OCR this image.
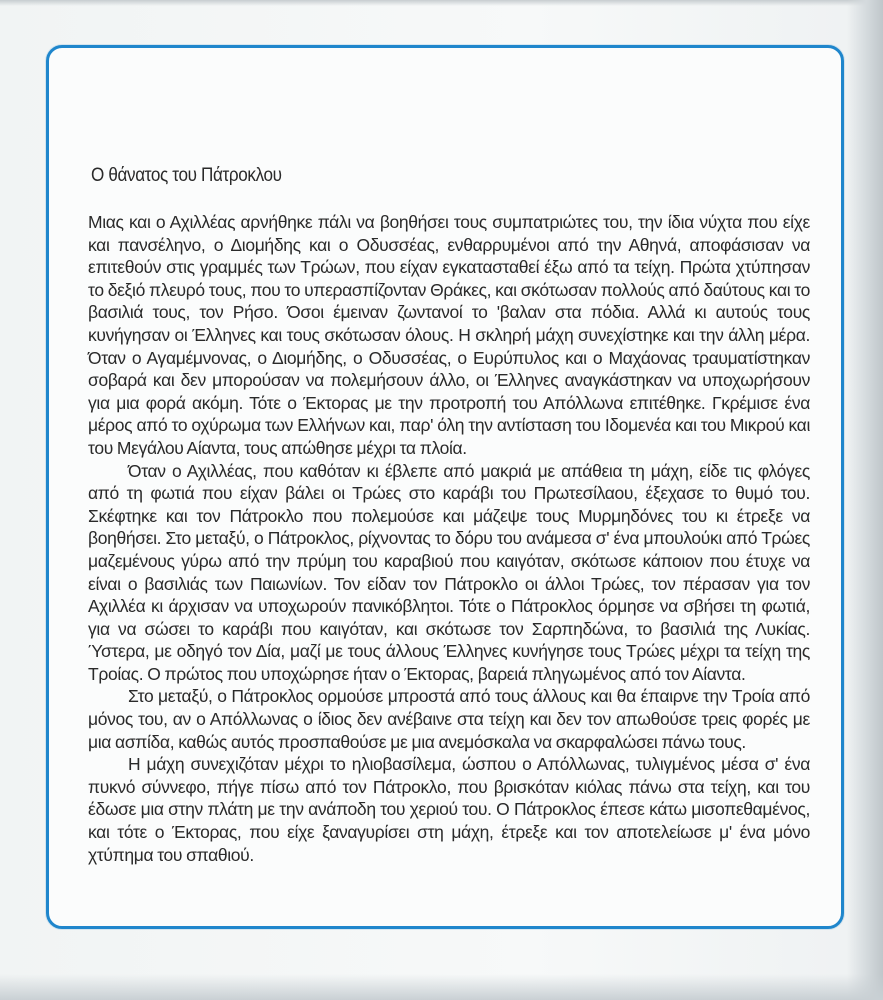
Ο θάνατος του Πάτροκλου

Μιας και ο Αχιλλέας αρνήθηκε πάλι να βοηθήσει τους συμπατριώτες του, την ίδια νύχτα που είχε και πανσέληνο, ο Διομήδης και ο Οδυσσέας, ενθαρρυμένοι από την Αθηνά, αποφάσισαν να επιτεθούν στις γραμμές των Τρώων, που είχαν εγκατασταθεί έξω από τα τείχη. Πρώτα χτύπησαν το δεξιό πλευρό τους, που το υπερασπίζονταν Θράκες, και σκότωσαν πολλούς από δαύτους και το βασιλιά τους, τον Ρήσο. Όσοι έμειναν ζωντανοί το 'βαλαν στα πόδια. Αλλά κι αυτούς τους κυνήγησαν οι Έλληνες και τους σκότωσαν όλους. Η σκληρή μάχη συνεχίστηκε και την άλλη μέρα. Όταν ο Αγαμέμνονας, ο Διομήδης, ο Οδυσσέας, ο Ευρύπυλος και ο Μαχάονας τραυματίστηκαν σοβαρά και δεν μπορούσαν να πολεμήσουν άλλο, οι Έλληνες αναγκάστηκαν να υποχωρήσουν για μια φορά ακόμη. Τότε ο Έκτορας με την προτροπή του Απόλλωνα επιτέθηκε. Γκρέμισε ένα μέρος από το οχύρωμα των Ελλήνων και, παρ' όλη την αντίσταση του Ιδομενέα και του Μικρού και του Μεγάλου Αίαντα, τους απώθησε μέχρι τα πλοία.

Όταν ο Αχιλλέας, που καθόταν κι έβλεπε από μακριά με απάθεια τη μάχη, είδε τις φλόγες από τη φωτιά που είχαν βάλει οι Τρώες στο καράβι του Πρωτεσίλαου, έξεχασε το θυμό του. Σκέφτηκε και τον Πάτροκλο που πολεμούσε και μάζεψε τους Μυρμηδόνες του κι έτρεξε να βοηθήσει. Στο μεταξύ, ο Πάτροκλος, ρίχνοντας το δόρυ του ανάμεσα σ' ένα μπουλούκι από Τρώες μαζεμένους γύρω από την πρύμη του καραβιού που καιγόταν, σκότωσε κάποιον που έτυχε να είναι ο βασιλιάς των Παιωνίων. Τον είδαν τον Πάτροκλο οι άλλοι Τρώες, τον πέρασαν για τον Αχιλλέα κι άρχισαν να υποχωρούν πανικόβλητοι. Τότε ο Πάτροκλος όρμησε να σβήσει τη φωτιά, για να σώσει το καράβι που καιγόταν, και σκότωσε τον Σαρπηδώνα, το βασιλιά της Λυκίας. Ύστερα, με οδηγό τον Δία, μαζί με τους άλλους Έλληνες κυνήγησε τους Τρώες μέχρι τα τείχη της Τροίας. Ο πρώτος που υποχώρησε ήταν ο Έκτορας, βαρειά πληγωμένος από τον Αίαντα.

Στο μεταξύ, ο Πάτροκλος ορμούσε μπροστά από τους άλλους και θα έπαιρνε την Τροία από μόνος του, αν ο Απόλλωνας ο ίδιος δεν ανέβαινε στα τείχη και δεν τον απωθούσε τρεις φορές με μια ασπίδα, καθώς αυτός προσπαθούσε με μια ανεμόσκαλα να σκαρφαλώσει πάνω τους.

Η μάχη συνεχιζόταν μέχρι το ηλιοβασίλεμα, ώσπου ο Απόλλωνας, τυλιγμένος μέσα σ' ένα πυκνό σύννεφο, πήγε πίσω από τον Πάτροκλο, που βρισκόταν κιόλας πάνω στα τείχη, και του έδωσε μια στην πλάτη με την ανάποδη του χεριού του. Ο Πάτροκλος έπεσε κάτω μισοπεθαμένος, και τότε ο Έκτορας, που είχε ξαναγυρίσει στη μάχη, έτρεξε και τον αποτελείωσε μ' ένα μόνο χτύπημα του σπαθιού.
